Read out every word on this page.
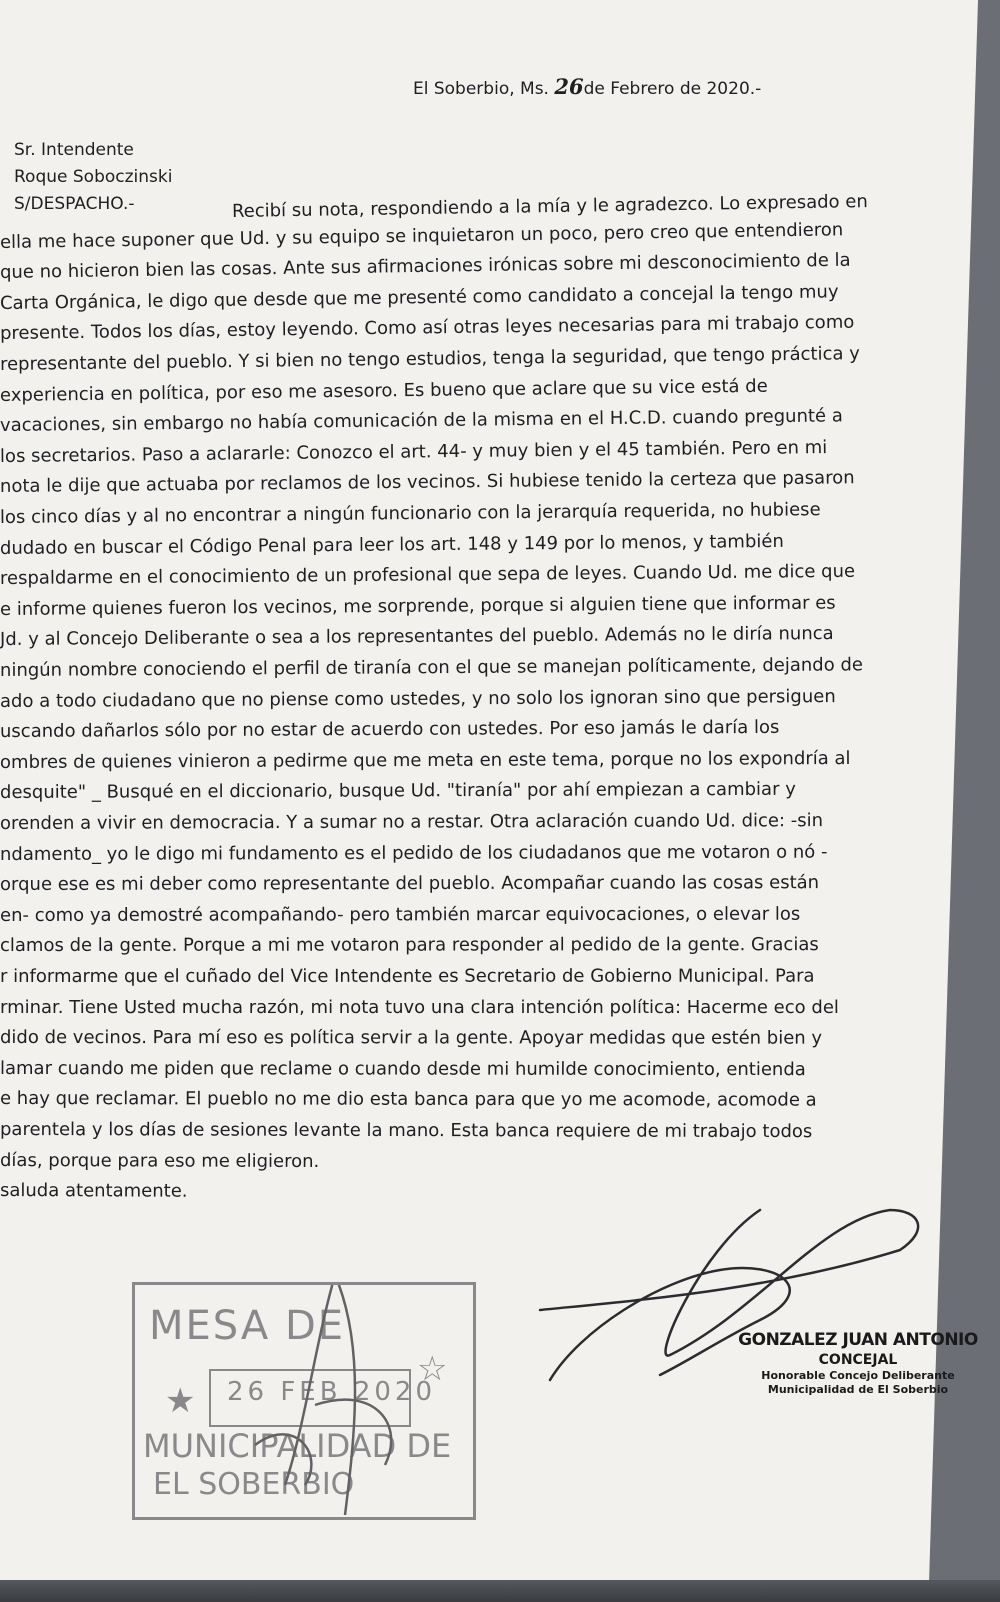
El Soberbio, Ms. 26de Febrero de 2020.-
Sr. Intendente
Roque Soboczinski
S/DESPACHO.-	Recibí su nota, respondiendo a la mía y le agradezco. Lo expresado en
ella me hace suponer que Ud. y su equipo se inquietaron un poco, pero creo que entendieron
que no hicieron bien las cosas. Ante sus afirmaciones irónicas sobre mi desconocimiento de la
Carta Orgánica, le digo que desde que me presenté como candidato a concejal la tengo muy
presente. Todos los días, estoy leyendo. Como así otras leyes necesarias para mi trabajo como
representante del pueblo. Y si bien no tengo estudios, tenga la seguridad, que tengo práctica y
experiencia en política, por eso me asesoro. Es bueno que aclare que su vice está de
vacaciones, sin embargo no había comunicación de la misma en el H.C.D. cuando pregunté a
los secretarios. Paso a aclararle: Conozco el art. 44- y muy bien y el 45 también. Pero en mi
nota le dije que actuaba por reclamos de los vecinos. Si hubiese tenido la certeza que pasaron
los cinco días y al no encontrar a ningún funcionario con la jerarquía requerida, no hubiese
dudado en buscar el Código Penal para leer los art. 148 y 149 por lo menos, y también
respaldarme en el conocimiento de un profesional que sepa de leyes. Cuando Ud. me dice que
e informe quienes fueron los vecinos, me sorprende, porque si alguien tiene que informar es
Jd. y al Concejo Deliberante o sea a los representantes del pueblo. Además no le diría nunca
ningún nombre conociendo el perfil de tiranía con el que se manejan políticamente, dejando de
ado a todo ciudadano que no piense como ustedes, y no solo los ignoran sino que persiguen
uscando dañarlos sólo por no estar de acuerdo con ustedes. Por eso jamás le daría los
ombres de quienes vinieron a pedirme que me meta en este tema, porque no los expondría al
desquite" _ Busqué en el diccionario, busque Ud. "tiranía" por ahí empiezan a cambiar y
orenden a vivir en democracia. Y a sumar no a restar. Otra aclaración cuando Ud. dice: -sin
ndamento_ yo le digo mi fundamento es el pedido de los ciudadanos que me votaron o nó -
orque ese es mi deber como representante del pueblo. Acompañar cuando las cosas están
en- como ya demostré acompañando- pero también marcar equivocaciones, o elevar los
clamos de la gente. Porque a mi me votaron para responder al pedido de la gente. Gracias
r informarme que el cuñado del Vice Intendente es Secretario de Gobierno Municipal. Para
rminar. Tiene Usted mucha razón, mi nota tuvo una clara intención política: Hacerme eco del
dido de vecinos. Para mí eso es política servir a la gente. Apoyar medidas que estén bien y
lamar cuando me piden que reclame o cuando desde mi humilde conocimiento, entienda
e hay que reclamar. El pueblo no me dio esta banca para que yo me acomode, acomode a
parentela y los días de sesiones levante la mano. Esta banca requiere de mi trabajo todos
días, porque para eso me eligieron.
saluda atentamente.
MESA DE
26 FEB 2020
★
☆
MUNICIPALIDAD DE
EL SOBERBIO
GONZALEZ JUAN ANTONIO
CONCEJAL
Honorable Concejo Deliberante
Municipalidad de El Soberbio
